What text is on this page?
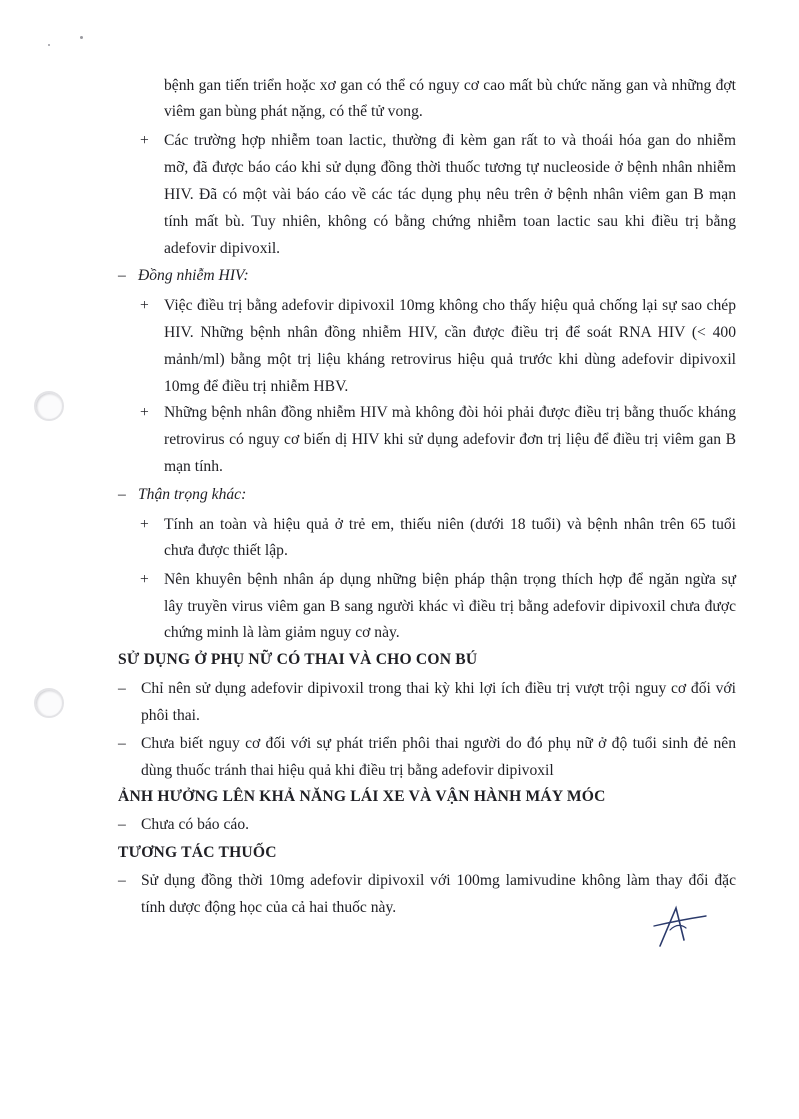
bệnh gan tiến triển hoặc xơ gan có thể có nguy cơ cao mất bù chức năng gan và những đợt
viêm gan bùng phát nặng, có thể tử vong.
+ Các trường hợp nhiễm toan lactic, thường đi kèm gan rất to và thoái hóa gan do nhiễm
mỡ, đã được báo cáo khi sử dụng đồng thời thuốc tương tự nucleoside ở bệnh nhân nhiễm
HIV. Đã có một vài báo cáo về các tác dụng phụ nêu trên ở bệnh nhân viêm gan B mạn
tính mất bù. Tuy nhiên, không có bằng chứng nhiễm toan lactic sau khi điều trị bằng
adefovir dipivoxil.
– Đồng nhiễm HIV:
+ Việc điều trị bằng adefovir dipivoxil 10mg không cho thấy hiệu quả chống lại sự sao chép
HIV. Những bệnh nhân đồng nhiễm HIV, cần được điều trị để soát RNA HIV (< 400
mảnh/ml) bằng một trị liệu kháng retrovirus hiệu quả trước khi dùng adefovir dipivoxil
10mg để điều trị nhiễm HBV.
+ Những bệnh nhân đồng nhiễm HIV mà không đòi hỏi phải được điều trị bằng thuốc kháng
retrovirus có nguy cơ biến dị HIV khi sử dụng adefovir đơn trị liệu để điều trị viêm gan B
mạn tính.
– Thận trọng khác:
+ Tính an toàn và hiệu quả ở trẻ em, thiếu niên (dưới 18 tuổi) và bệnh nhân trên 65 tuổi
chưa được thiết lập.
+ Nên khuyên bệnh nhân áp dụng những biện pháp thận trọng thích hợp để ngăn ngừa sự
lây truyền virus viêm gan B sang người khác vì điều trị bằng adefovir dipivoxil chưa được
chứng minh là làm giảm nguy cơ này.
SỬ DỤNG Ở PHỤ NỮ CÓ THAI VÀ CHO CON BÚ
– Chỉ nên sử dụng adefovir dipivoxil trong thai kỳ khi lợi ích điều trị vượt trội nguy cơ đối với
phôi thai.
– Chưa biết nguy cơ đối với sự phát triển phôi thai người do đó phụ nữ ở độ tuổi sinh đẻ nên
dùng thuốc tránh thai hiệu quả khi điều trị bằng adefovir dipivoxil
ẢNH HƯỞNG LÊN KHẢ NĂNG LÁI XE VÀ VẬN HÀNH MÁY MÓC
– Chưa có báo cáo.
TƯƠNG TÁC THUỐC
– Sử dụng đồng thời 10mg adefovir dipivoxil với 100mg lamivudine không làm thay đổi đặc
tính dược động học của cả hai thuốc này.
